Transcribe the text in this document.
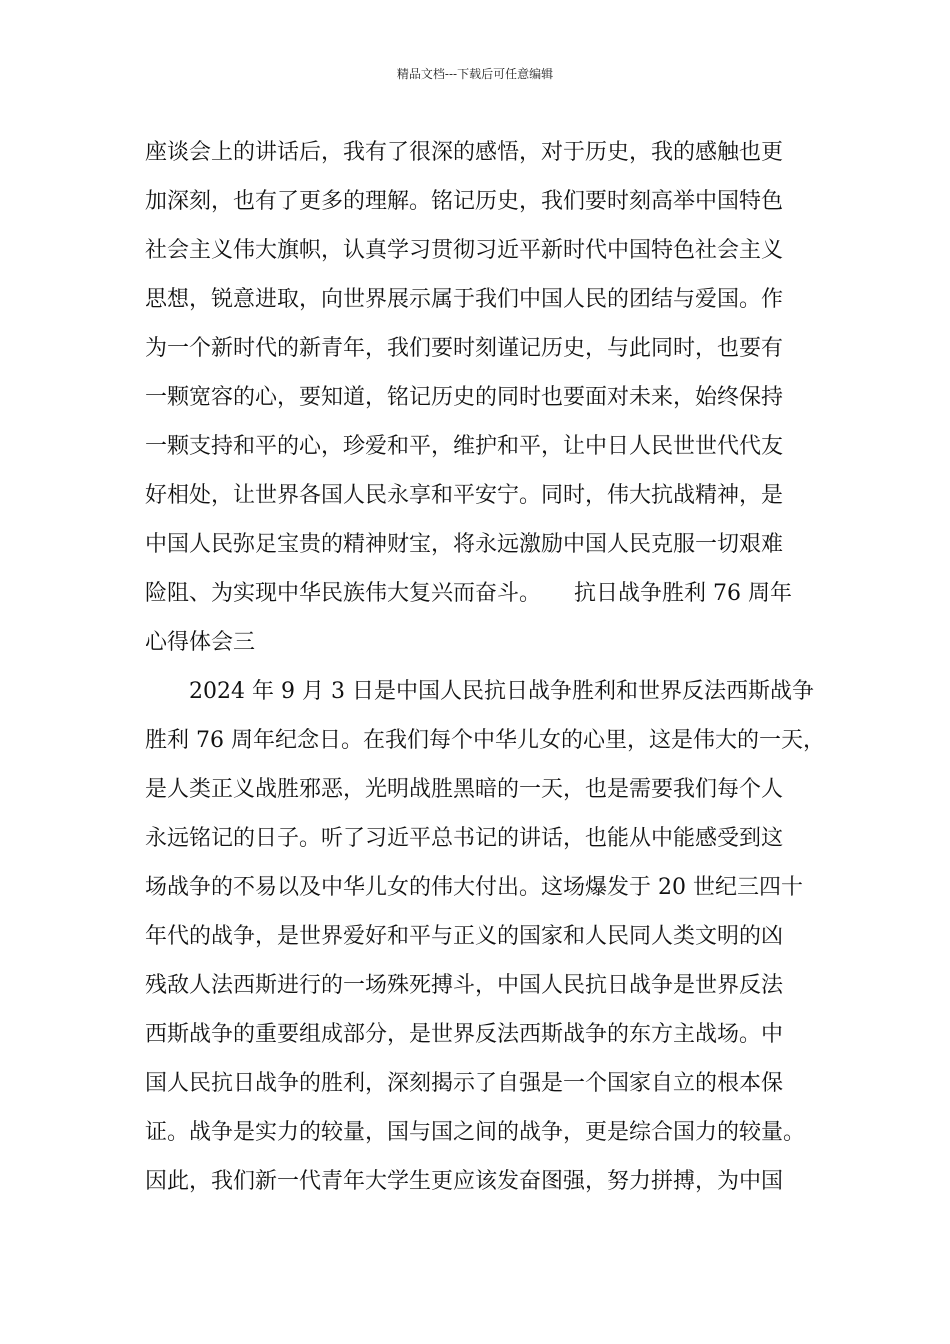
精品文档---下载后可任意编辑
座谈会上的讲话后，我有了很深的感悟，对于历史，我的感触也更
加深刻，也有了更多的理解。铭记历史，我们要时刻高举中国特色
社会主义伟大旗帜，认真学习贯彻习近平新时代中国特色社会主义
思想，锐意进取，向世界展示属于我们中国人民的团结与爱国。作
为一个新时代的新青年，我们要时刻谨记历史，与此同时，也要有
一颗宽容的心，要知道，铭记历史的同时也要面对未来，始终保持
一颗支持和平的心，珍爱和平，维护和平，让中日人民世世代代友
好相处，让世界各国人民永享和平安宁。同时，伟大抗战精神，是
中国人民弥足宝贵的精神财宝，将永远激励中国人民克服一切艰难
险阻、为实现中华民族伟大复兴而奋斗。　　抗日战争胜利 76 周年
心得体会三
　　2024 年 9 月 3 日是中国人民抗日战争胜利和世界反法西斯战争
胜利 76 周年纪念日。在我们每个中华儿女的心里，这是伟大的一天，
是人类正义战胜邪恶，光明战胜黑暗的一天，也是需要我们每个人
永远铭记的日子。听了习近平总书记的讲话，也能从中能感受到这
场战争的不易以及中华儿女的伟大付出。这场爆发于 20 世纪三四十
年代的战争，是世界爱好和平与正义的国家和人民同人类文明的凶
残敌人法西斯进行的一场殊死搏斗，中国人民抗日战争是世界反法
西斯战争的重要组成部分，是世界反法西斯战争的东方主战场。中
国人民抗日战争的胜利，深刻揭示了自强是一个国家自立的根本保
证。战争是实力的较量，国与国之间的战争，更是综合国力的较量。
因此，我们新一代青年大学生更应该发奋图强，努力拼搏，为中国
